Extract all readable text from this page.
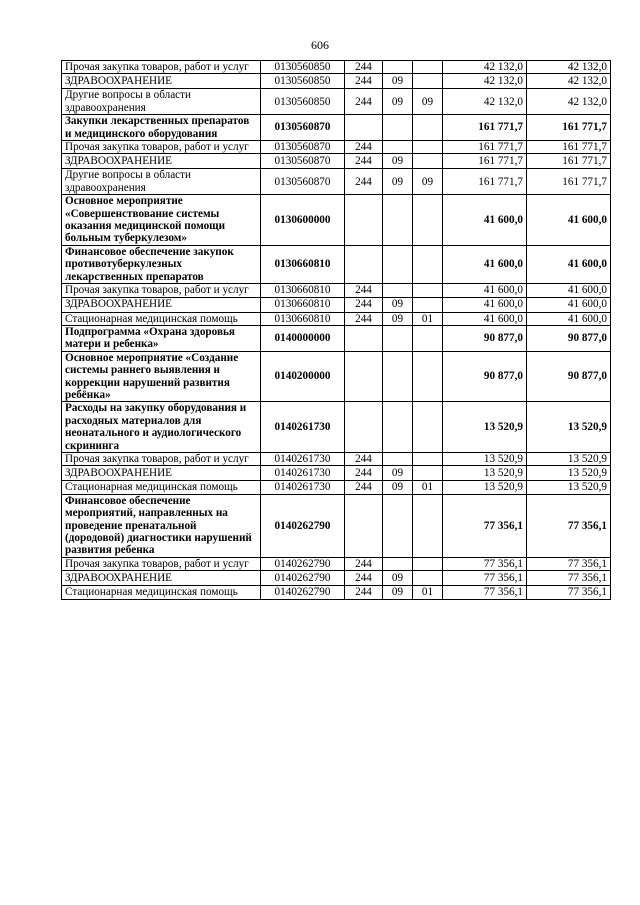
606
Прочая закупка товаров, работ и услуг	0130560850	244			42 132,0	42 132,0
ЗДРАВООХРАНЕНИЕ	0130560850	244	09		42 132,0	42 132,0
Другие вопросы в области здравоохранения	0130560850	244	09	09	42 132,0	42 132,0
Закупки лекарственных препаратов и медицинского оборудования	0130560870				161 771,7	161 771,7
Прочая закупка товаров, работ и услуг	0130560870	244			161 771,7	161 771,7
ЗДРАВООХРАНЕНИЕ	0130560870	244	09		161 771,7	161 771,7
Другие вопросы в области здравоохранения	0130560870	244	09	09	161 771,7	161 771,7
Основное мероприятие «Совершенствование системы оказания медицинской помощи больным туберкулезом»	0130600000				41 600,0	41 600,0
Финансовое обеспечение закупок противотуберкулезных лекарственных препаратов	0130660810				41 600,0	41 600,0
Прочая закупка товаров, работ и услуг	0130660810	244			41 600,0	41 600,0
ЗДРАВООХРАНЕНИЕ	0130660810	244	09		41 600,0	41 600,0
Стационарная медицинская помощь	0130660810	244	09	01	41 600,0	41 600,0
Подпрограмма «Охрана здоровья матери и ребенка»	0140000000				90 877,0	90 877,0
Основное мероприятие «Создание системы раннего выявления и коррекции нарушений развития ребёнка»	0140200000				90 877,0	90 877,0
Расходы на закупку оборудования и расходных материалов для неонатального и аудиологического скрининга	0140261730				13 520,9	13 520,9
Прочая закупка товаров, работ и услуг	0140261730	244			13 520,9	13 520,9
ЗДРАВООХРАНЕНИЕ	0140261730	244	09		13 520,9	13 520,9
Стационарная медицинская помощь	0140261730	244	09	01	13 520,9	13 520,9
Финансовое обеспечение мероприятий, направленных на проведение пренатальной (дородовой) диагностики нарушений развития ребенка	0140262790				77 356,1	77 356,1
Прочая закупка товаров, работ и услуг	0140262790	244			77 356,1	77 356,1
ЗДРАВООХРАНЕНИЕ	0140262790	244	09		77 356,1	77 356,1
Стационарная медицинская помощь	0140262790	244	09	01	77 356,1	77 356,1
